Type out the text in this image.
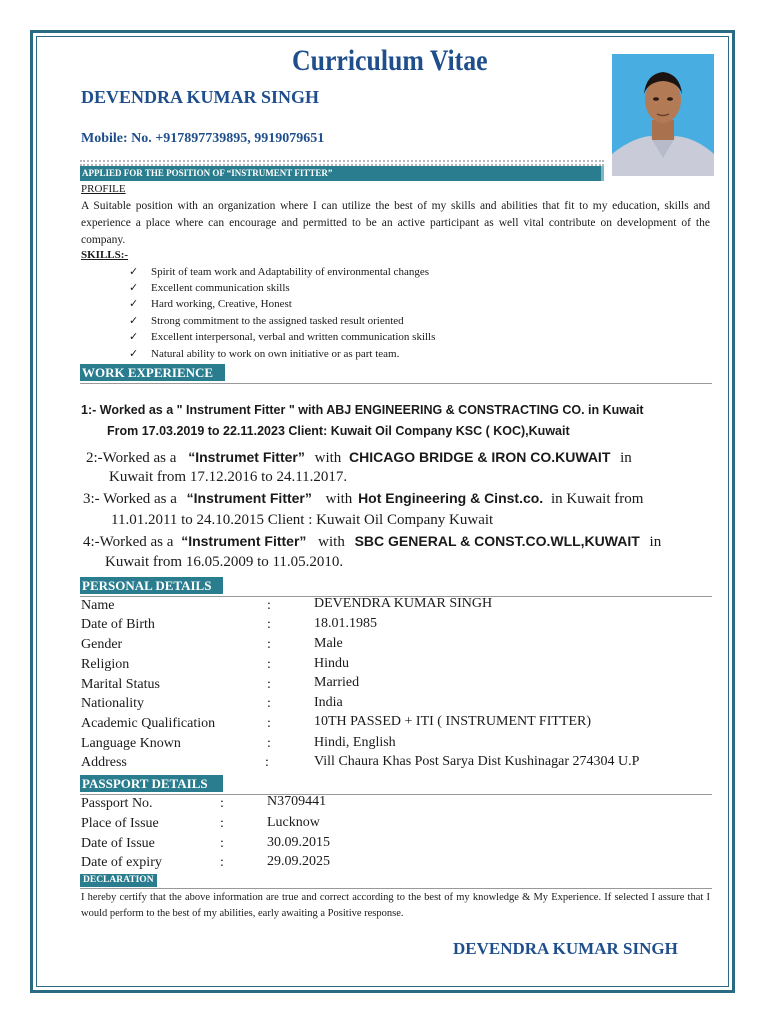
Curriculum Vitae
DEVENDRA KUMAR SINGH
Mobile: No. +917897739895, 9919079651
APPLIED FOR THE POSITION OF “INSTRUMENT FITTER”
PROFILE
A Suitable position with an organization where I can utilize the best of my skills and abilities that fit to my education, skills and experience a place where can encourage and permitted to be an active participant as well vital contribute on development of the company.
SKILLS:-
✓ Spirit of team work and Adaptability of environmental changes
✓ Excellent communication skills
✓ Hard working, Creative, Honest
✓ Strong commitment to the assigned tasked result oriented
✓ Excellent interpersonal, verbal and written communication skills
✓ Natural ability to work on own initiative or as part team.
WORK EXPERIENCE
1:- Worked as a " Instrument Fitter " with ABJ ENGINEERING & CONSTRACTING CO. in Kuwait
From 17.03.2019 to 22.11.2023 Client: Kuwait Oil Company KSC ( KOC),Kuwait
2:-Worked as a “Instrumet Fitter” with CHICAGO BRIDGE & IRON CO.KUWAIT in
Kuwait from 17.12.2016 to 24.11.2017.
3:- Worked as a “Instrument Fitter” with Hot Engineering & Cinst.co. in Kuwait from
11.01.2011 to 24.10.2015 Client : Kuwait Oil Company Kuwait
4:-Worked as a “Instrument Fitter” with SBC GENERAL & CONST.CO.WLL,KUWAIT in
Kuwait from 16.05.2009 to 11.05.2010.
PERSONAL DETAILS
Name	:	DEVENDRA KUMAR SINGH
Date of Birth	:	18.01.1985
Gender	:	Male
Religion	:	Hindu
Marital Status	:	Married
Nationality	:	India
Academic Qualification	:	10TH PASSED + ITI ( INSTRUMENT FITTER)
Language Known	:	Hindi, English
Address	:	Vill Chaura Khas Post Sarya Dist Kushinagar 274304 U.P
PASSPORT DETAILS
Passport No.	:	N3709441
Place of Issue	:	Lucknow
Date of Issue	:	30.09.2015
Date of expiry	:	29.09.2025
DECLARATION
I hereby certify that the above information are true and correct according to the best of my knowledge & My Experience. If selected I assure that I would perform to the best of my abilities, early awaiting a Positive response.
DEVENDRA KUMAR SINGH
